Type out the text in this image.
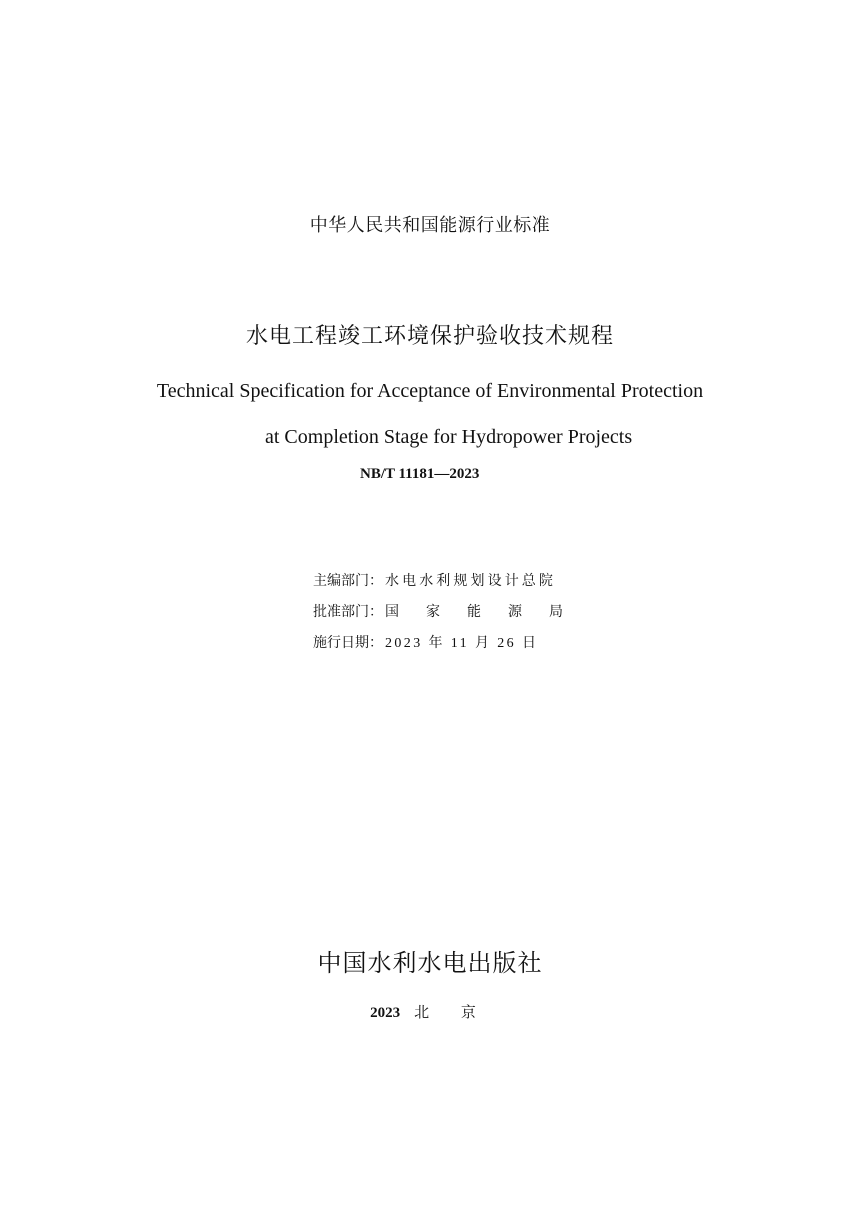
中华人民共和国能源行业标准
水电工程竣工环境保护验收技术规程
Technical Specification for Acceptance of Environmental Protection
at Completion Stage for Hydropower Projects
NB/T 11181—2023
主编部门： 水电水利规划设计总院
批准部门： 国家能源局
施行日期： 2023 年 11 月 26 日
中国水利水电出版社
2023 北 京
